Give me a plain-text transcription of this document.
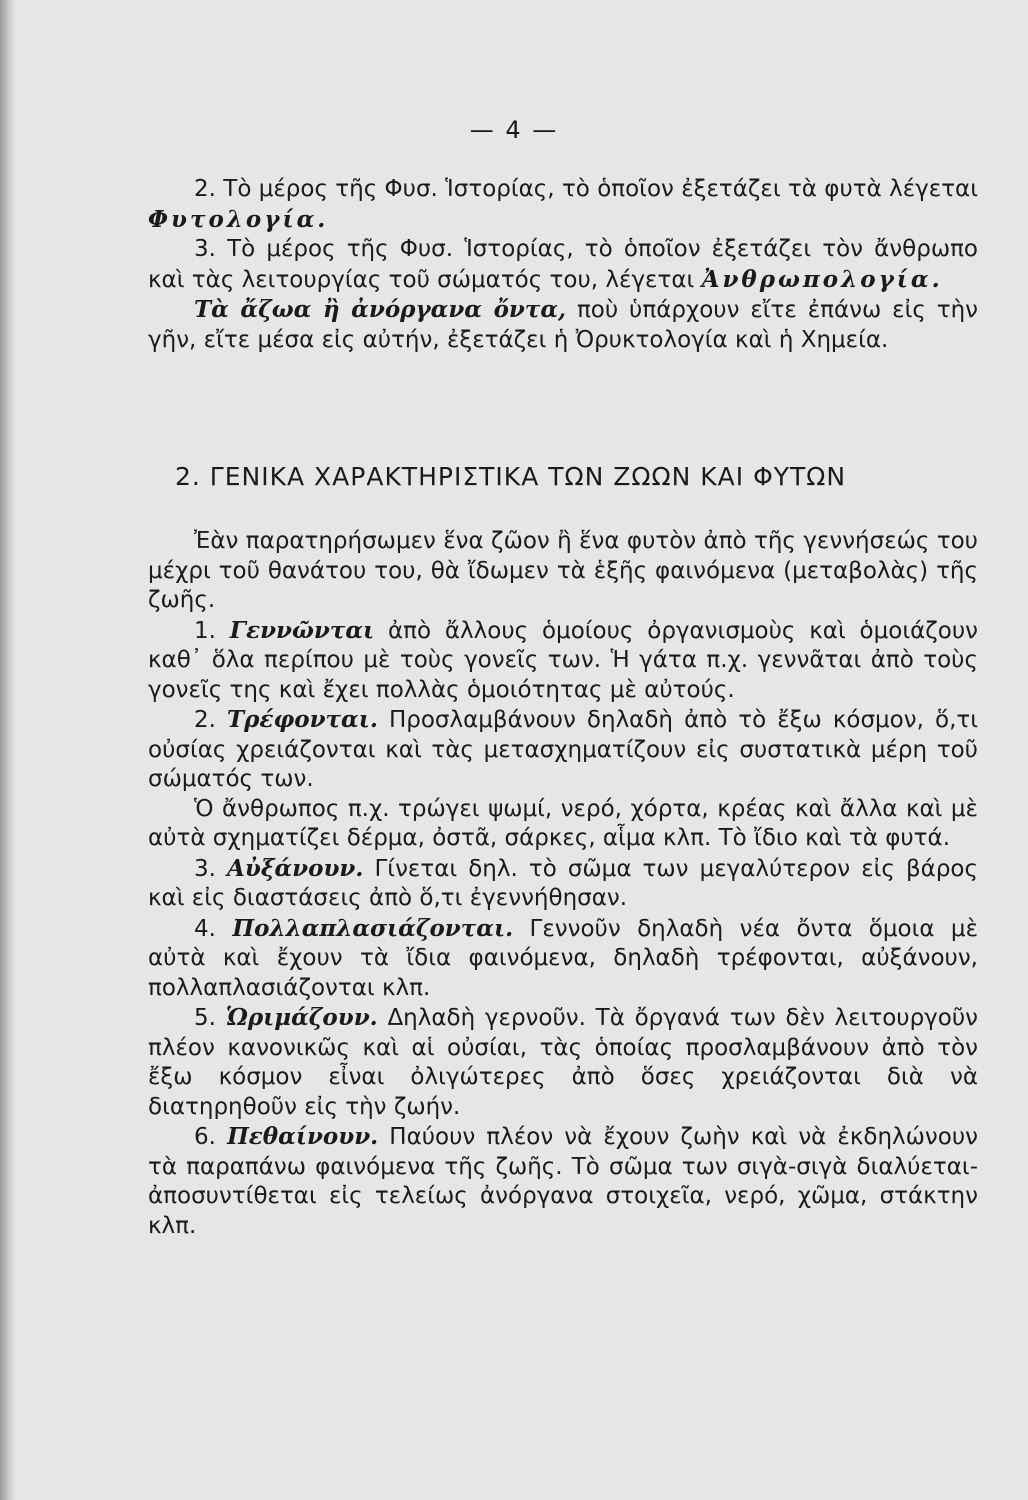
— 4 —

2. Τὸ μέρος τῆς Φυσ. Ἱστορίας, τὸ ὁποῖον ἐξετάζει τὰ φυτὰ λέγεται Φυτολογία.

3. Τὸ μέρος τῆς Φυσ. Ἱστορίας, τὸ ὁποῖον ἐξετάζει τὸν ἄνθρωπο καὶ τὰς λειτουργίας τοῦ σώματός του, λέγεται Ἀνθρωπολογία.

Τὰ ἄζωα ἢ ἀνόργανα ὄντα, ποὺ ὑπάρχουν εἴτε ἐπάνω εἰς τὴν γῆν, εἴτε μέσα εἰς αὐτήν, ἐξετάζει ἡ Ὀρυκτολογία καὶ ἡ Χημεία.

2. ΓΕΝΙΚΑ ΧΑΡΑΚΤΗΡΙΣΤΙΚΑ ΤΩΝ ΖΩΩΝ ΚΑΙ ΦΥΤΩΝ

Ἐὰν παρατηρήσωμεν ἕνα ζῶον ἢ ἕνα φυτὸν ἀπὸ τῆς γεννήσεώς του μέχρι τοῦ θανάτου του, θὰ ἴδωμεν τὰ ἑξῆς φαινόμενα (μεταβολὰς) τῆς ζωῆς.

1. Γεννῶνται ἀπὸ ἄλλους ὁμοίους ὀργανισμοὺς καὶ ὁμοιάζουν καθ᾿ ὅλα περίπου μὲ τοὺς γονεῖς των. Ἡ γάτα π.χ. γεννᾶται ἀπὸ τοὺς γονεῖς της καὶ ἔχει πολλὰς ὁμοιότητας μὲ αὐτούς.

2. Τρέφονται. Προσλαμβάνουν δηλαδὴ ἀπὸ τὸ ἔξω κόσμον, ὅ,τι οὐσίας χρειάζονται καὶ τὰς μετασχηματίζουν εἰς συστατικὰ μέρη τοῦ σώματός των.

Ὁ ἄνθρωπος π.χ. τρώγει ψωμί, νερό, χόρτα, κρέας καὶ ἄλλα καὶ μὲ αὐτὰ σχηματίζει δέρμα, ὀστᾶ, σάρκες, αἷμα κλπ. Τὸ ἴδιο καὶ τὰ φυτά.

3. Αὐξάνουν. Γίνεται δηλ. τὸ σῶμα των μεγαλύτερον εἰς βάρος καὶ εἰς διαστάσεις ἀπὸ ὅ,τι ἐγεννήθησαν.

4. Πολλαπλασιάζονται. Γεννοῦν δηλαδὴ νέα ὄντα ὅμοια μὲ αὐτὰ καὶ ἔχουν τὰ ἴδια φαινόμενα, δηλαδὴ τρέφονται, αὐξάνουν, πολλαπλασιάζονται κλπ.

5. Ὡριμάζουν. Δηλαδὴ γερνοῦν. Τὰ ὄργανά των δὲν λειτουργοῦν πλέον κανονικῶς καὶ αἱ οὐσίαι, τὰς ὁποίας προσλαμβάνουν ἀπὸ τὸν ἔξω κόσμον εἶναι ὀλιγώτερες ἀπὸ ὅσες χρειάζονται διὰ νὰ διατηρηθοῦν εἰς τὴν ζωήν.

6. Πεθαίνουν. Παύουν πλέον νὰ ἔχουν ζωὴν καὶ νὰ ἐκδηλώνουν τὰ παραπάνω φαινόμενα τῆς ζωῆς. Τὸ σῶμα των σιγὰ-σιγὰ διαλύεται-ἀποσυντίθεται εἰς τελείως ἀνόργανα στοιχεῖα, νερό, χῶμα, στάκτην κλπ.
